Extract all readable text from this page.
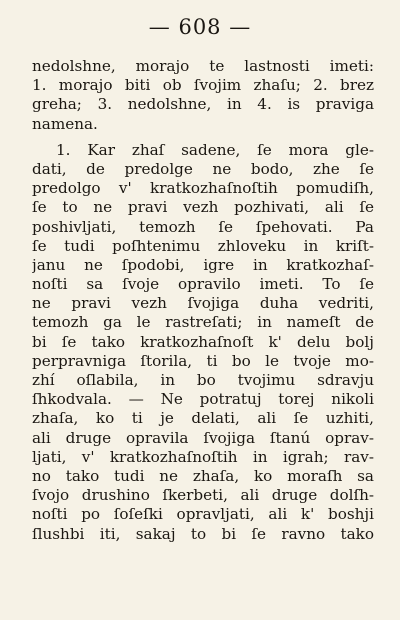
— 608 —
nedolshne, morajo te lastnosti imeti:
1. morajo biti ob ſvojim zhaſu; 2. brez
greha; 3. nedolshne, in 4. is praviga
namena.
1. Kar zhaſ sadene, ſe mora gle-
dati, de predolge ne bodo, zhe ſe
predolgo v' kratkozhaſnoſtih pomudiſh,
ſe to ne pravi vezh pozhivati, ali ſe
poshivljati, temozh ſe ſpehovati. Pa
ſe tudi poſhtenimu zhloveku in kriſt-
janu ne ſpodobi, igre in kratkozhaſ-
noſti sa ſvoje opravilo imeti. To ſe
ne pravi vezh ſvojiga duha vedriti,
temozh ga le rastreſati; in nameſt de
bi ſe tako kratkozhaſnoſt k' delu bolj
perpravniga ſtorila, ti bo le tvoje mo-
zhí oſlabila, in bo tvojimu sdravju
ſhkodvala. — Ne potratuj torej nikoli
zhaſa, ko ti je delati, ali ſe uzhiti,
ali druge opravila ſvojiga ſtanú oprav-
ljati, v' kratkozhaſnoſtih in igrah; rav-
no tako tudi ne zhaſa, ko moraſh sa
ſvojo drushino ſkerbeti, ali druge dolſh-
noſti po ſoſeſki opravljati, ali k' boshji
ſlushbi iti, sakaj to bi ſe ravno tako
